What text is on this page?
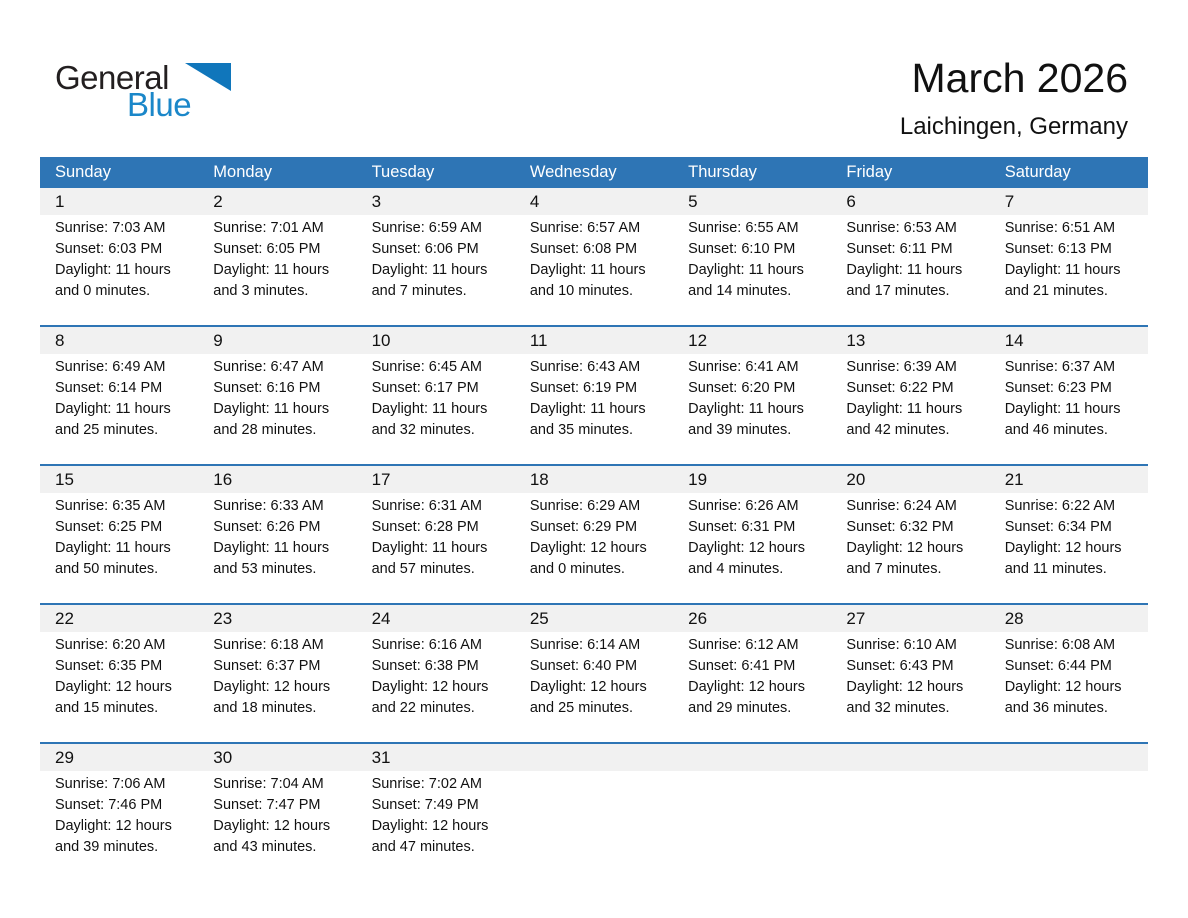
General
Blue
March 2026
Laichingen, Germany
Sunday	Monday	Tuesday	Wednesday	Thursday	Friday	Saturday
1	2	3	4	5	6	7
Sunrise: 7:03 AM
Sunset: 6:03 PM
Daylight: 11 hours and 0 minutes.
Sunrise: 7:01 AM
Sunset: 6:05 PM
Daylight: 11 hours and 3 minutes.
Sunrise: 6:59 AM
Sunset: 6:06 PM
Daylight: 11 hours and 7 minutes.
Sunrise: 6:57 AM
Sunset: 6:08 PM
Daylight: 11 hours and 10 minutes.
Sunrise: 6:55 AM
Sunset: 6:10 PM
Daylight: 11 hours and 14 minutes.
Sunrise: 6:53 AM
Sunset: 6:11 PM
Daylight: 11 hours and 17 minutes.
Sunrise: 6:51 AM
Sunset: 6:13 PM
Daylight: 11 hours and 21 minutes.
8	9	10	11	12	13	14
Sunrise: 6:49 AM
Sunset: 6:14 PM
Daylight: 11 hours and 25 minutes.
Sunrise: 6:47 AM
Sunset: 6:16 PM
Daylight: 11 hours and 28 minutes.
Sunrise: 6:45 AM
Sunset: 6:17 PM
Daylight: 11 hours and 32 minutes.
Sunrise: 6:43 AM
Sunset: 6:19 PM
Daylight: 11 hours and 35 minutes.
Sunrise: 6:41 AM
Sunset: 6:20 PM
Daylight: 11 hours and 39 minutes.
Sunrise: 6:39 AM
Sunset: 6:22 PM
Daylight: 11 hours and 42 minutes.
Sunrise: 6:37 AM
Sunset: 6:23 PM
Daylight: 11 hours and 46 minutes.
15	16	17	18	19	20	21
Sunrise: 6:35 AM
Sunset: 6:25 PM
Daylight: 11 hours and 50 minutes.
Sunrise: 6:33 AM
Sunset: 6:26 PM
Daylight: 11 hours and 53 minutes.
Sunrise: 6:31 AM
Sunset: 6:28 PM
Daylight: 11 hours and 57 minutes.
Sunrise: 6:29 AM
Sunset: 6:29 PM
Daylight: 12 hours and 0 minutes.
Sunrise: 6:26 AM
Sunset: 6:31 PM
Daylight: 12 hours and 4 minutes.
Sunrise: 6:24 AM
Sunset: 6:32 PM
Daylight: 12 hours and 7 minutes.
Sunrise: 6:22 AM
Sunset: 6:34 PM
Daylight: 12 hours and 11 minutes.
22	23	24	25	26	27	28
Sunrise: 6:20 AM
Sunset: 6:35 PM
Daylight: 12 hours and 15 minutes.
Sunrise: 6:18 AM
Sunset: 6:37 PM
Daylight: 12 hours and 18 minutes.
Sunrise: 6:16 AM
Sunset: 6:38 PM
Daylight: 12 hours and 22 minutes.
Sunrise: 6:14 AM
Sunset: 6:40 PM
Daylight: 12 hours and 25 minutes.
Sunrise: 6:12 AM
Sunset: 6:41 PM
Daylight: 12 hours and 29 minutes.
Sunrise: 6:10 AM
Sunset: 6:43 PM
Daylight: 12 hours and 32 minutes.
Sunrise: 6:08 AM
Sunset: 6:44 PM
Daylight: 12 hours and 36 minutes.
29	30	31
Sunrise: 7:06 AM
Sunset: 7:46 PM
Daylight: 12 hours and 39 minutes.
Sunrise: 7:04 AM
Sunset: 7:47 PM
Daylight: 12 hours and 43 minutes.
Sunrise: 7:02 AM
Sunset: 7:49 PM
Daylight: 12 hours and 47 minutes.
